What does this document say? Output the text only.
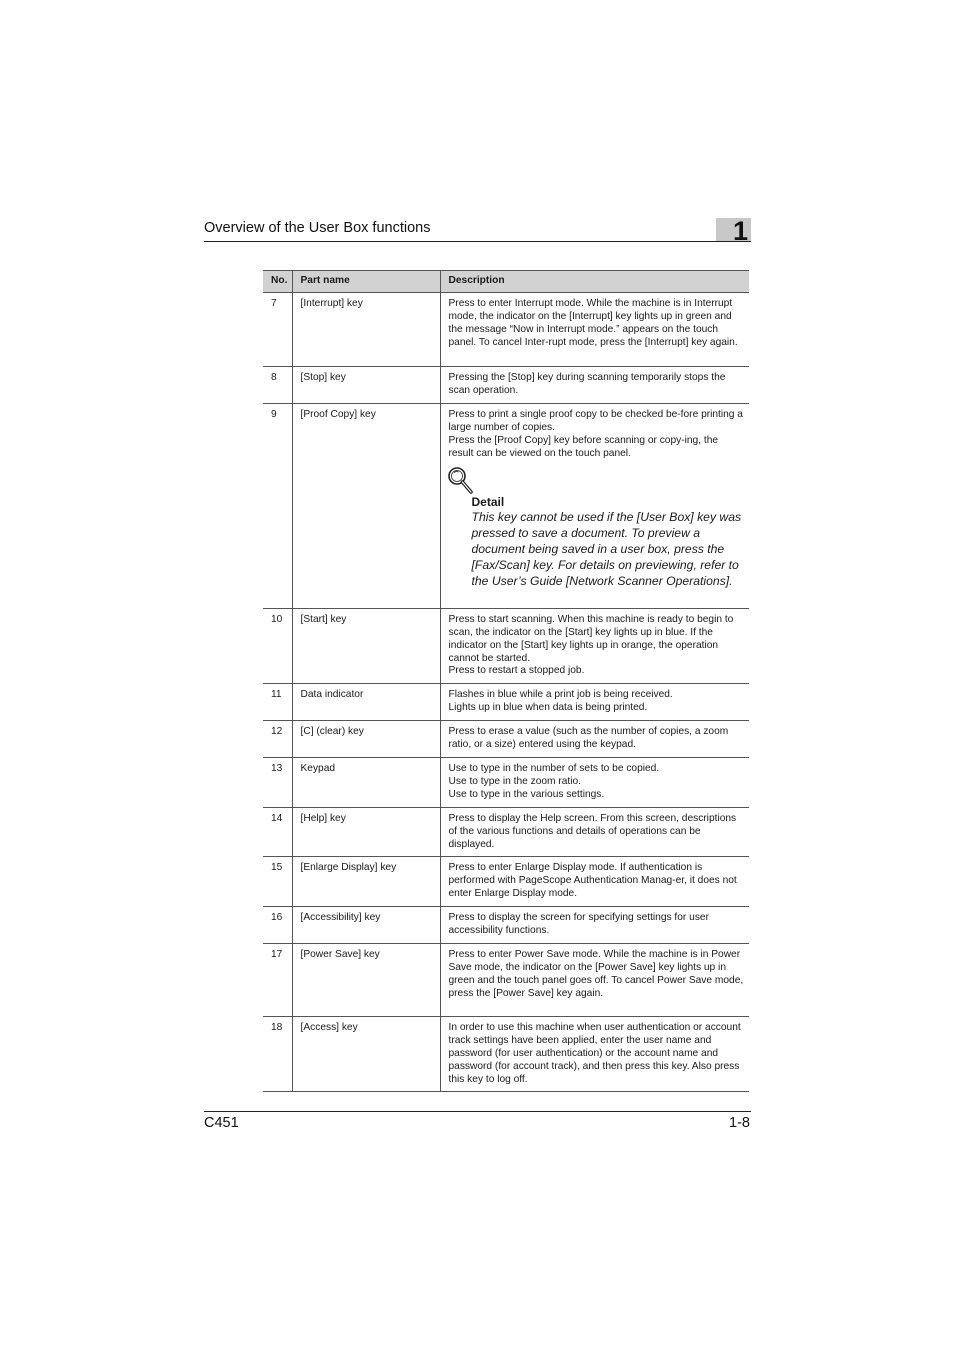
Overview of the User Box functions	1
No.	Part name	Description
7	[Interrupt] key	Press to enter Interrupt mode. While the machine is in Interrupt mode, the indicator on the [Interrupt] key lights up in green and the message “Now in Interrupt mode.” appears on the touch panel. To cancel Inter-rupt mode, press the [Interrupt] key again.

8	[Stop] key	Pressing the [Stop] key during scanning temporarily stops the scan operation.

9	[Proof Copy] key	Press to print a single proof copy to be checked be-fore printing a large number of copies.
Press the [Proof Copy] key before scanning or copy-ing, the result can be viewed on the touch panel.
Detail
This key cannot be used if the [User Box] key was pressed to save a document. To preview a document being saved in a user box, press the [Fax/Scan] key. For details on previewing, refer to the User’s Guide [Network Scanner Operations].

10	[Start] key	Press to start scanning. When this machine is ready to begin to scan, the indicator on the [Start] key lights up in blue. If the indicator on the [Start] key lights up in orange, the operation cannot be started.
Press to restart a stopped job.

11	Data indicator	Flashes in blue while a print job is being received.
Lights up in blue when data is being printed.

12	[C] (clear) key	Press to erase a value (such as the number of copies, a zoom ratio, or a size) entered using the keypad.

13	Keypad	Use to type in the number of sets to be copied.
Use to type in the zoom ratio.
Use to type in the various settings.

14	[Help] key	Press to display the Help screen. From this screen, descriptions of the various functions and details of operations can be displayed.

15	[Enlarge Display] key	Press to enter Enlarge Display mode. If authentication is performed with PageScope Authentication Manag-er, it does not enter Enlarge Display mode.

16	[Accessibility] key	Press to display the screen for specifying settings for user accessibility functions.

17	[Power Save] key	Press to enter Power Save mode. While the machine is in Power Save mode, the indicator on the [Power Save] key lights up in green and the touch panel goes off. To cancel Power Save mode, press the [Power Save] key again.

18	[Access] key	In order to use this machine when user authentication or account track settings have been applied, enter the user name and password (for user authentication) or the account name and password (for account track), and then press this key. Also press this key to log off.
C451	1-8
